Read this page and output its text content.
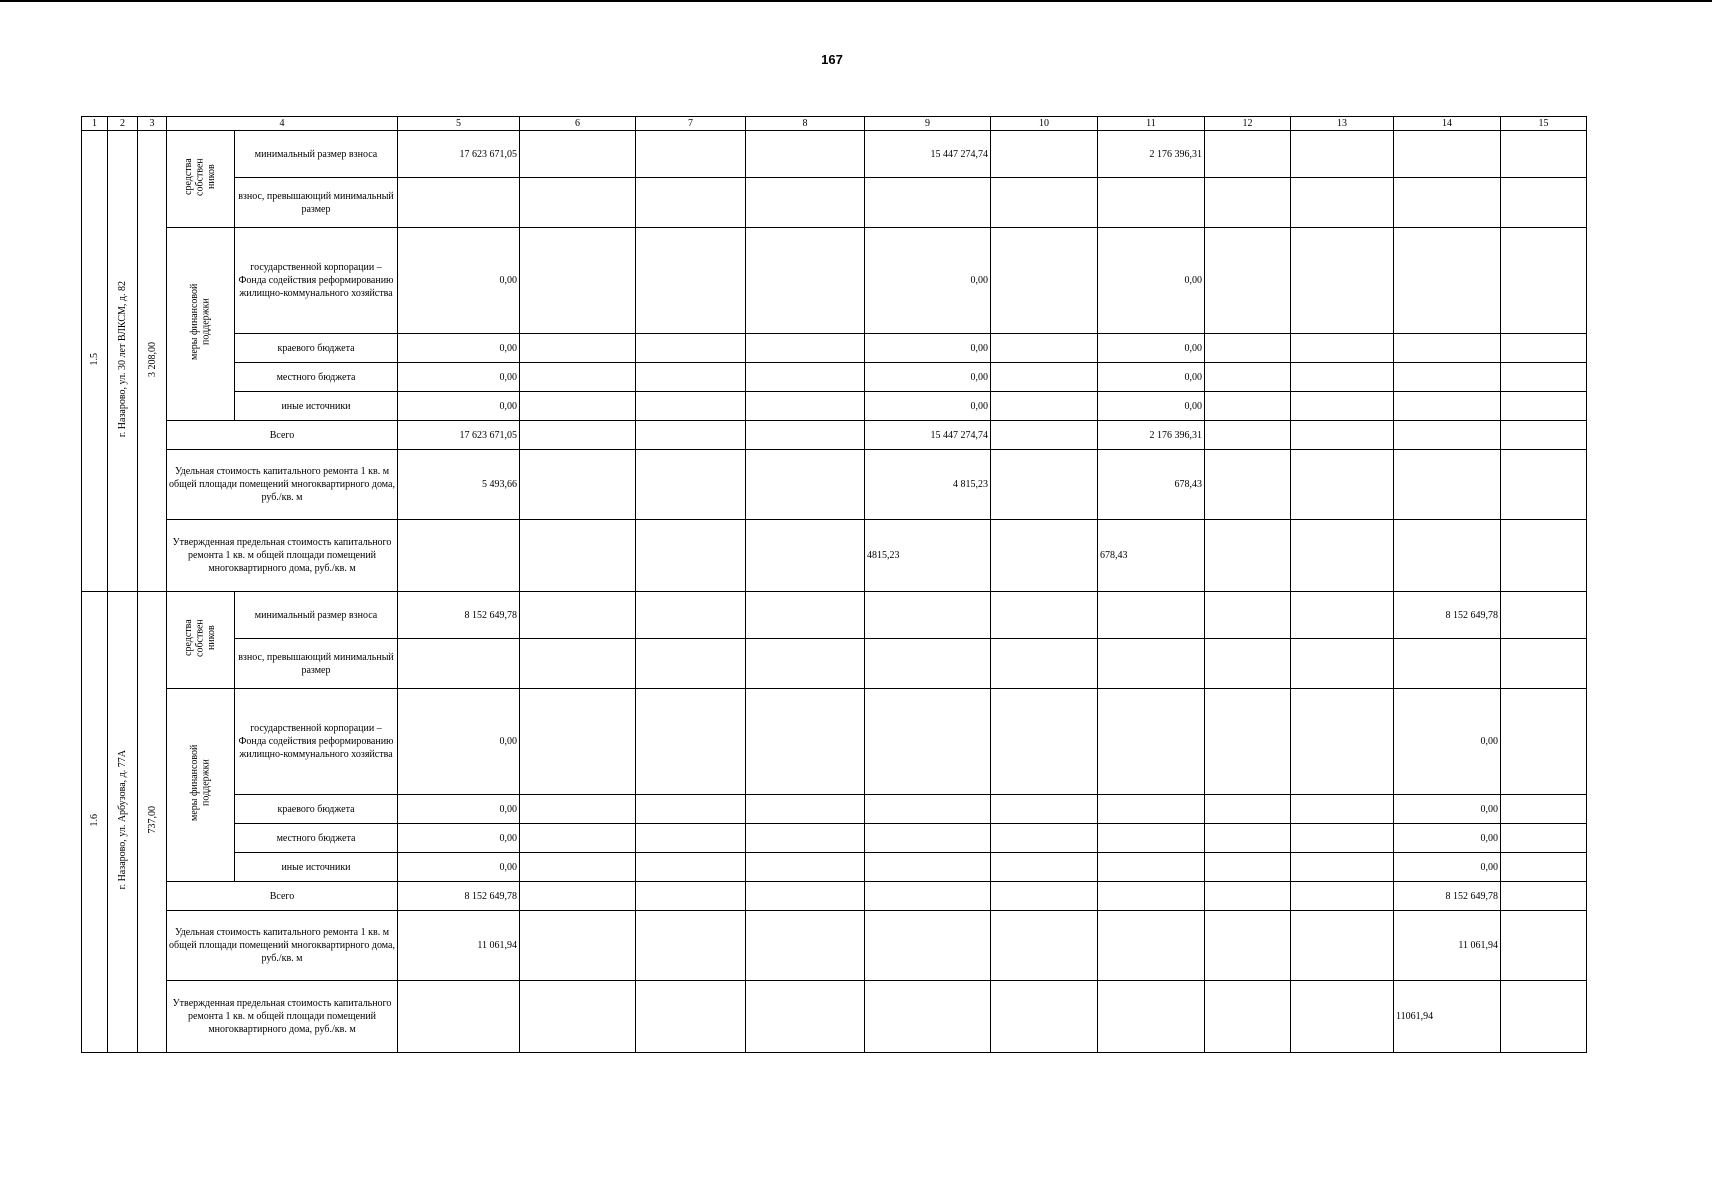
167
1	2	3	4		5	6	7	8	9	10	11	12	13	14	15
1.5	г. Назарово, ул. 30 лет ВЛКСМ, д. 82	3 208,00	средства собствен ников	минимальный размер взноса	17 623 671,05				15 447 274,74		2 176 396,31				
				взнос, превышающий минимальный размер											
			меры финансовой поддержки	государственной корпорации – Фонда содействия реформированию жилищно-коммунального хозяйства	0,00				0,00		0,00				
				краевого бюджета	0,00				0,00		0,00				
				местного бюджета	0,00				0,00		0,00				
				иные источники	0,00				0,00		0,00				
			Всего		17 623 671,05				15 447 274,74		2 176 396,31				
			Удельная стоимость капитального ремонта 1 кв. м общей площади помещений многоквартирного дома, руб./кв. м		5 493,66				4 815,23		678,43				
			Утвержденная предельная стоимость капитального ремонта 1 кв. м общей площади помещений многоквартирного дома, руб./кв. м						4815,23		678,43				
1.6	г. Назарово, ул. Арбузова, д. 77А	737,00	средства собствен ников	минимальный размер взноса	8 152 649,78									8 152 649,78	
				взнос, превышающий минимальный размер											
			меры финансовой поддержки	государственной корпорации – Фонда содействия реформированию жилищно-коммунального хозяйства	0,00									0,00	
				краевого бюджета	0,00									0,00	
				местного бюджета	0,00									0,00	
				иные источники	0,00									0,00	
			Всего		8 152 649,78									8 152 649,78	
			Удельная стоимость капитального ремонта 1 кв. м общей площади помещений многоквартирного дома, руб./кв. м		11 061,94									11 061,94	
			Утвержденная предельная стоимость капитального ремонта 1 кв. м общей площади помещений многоквартирного дома, руб./кв. м											11061,94	
